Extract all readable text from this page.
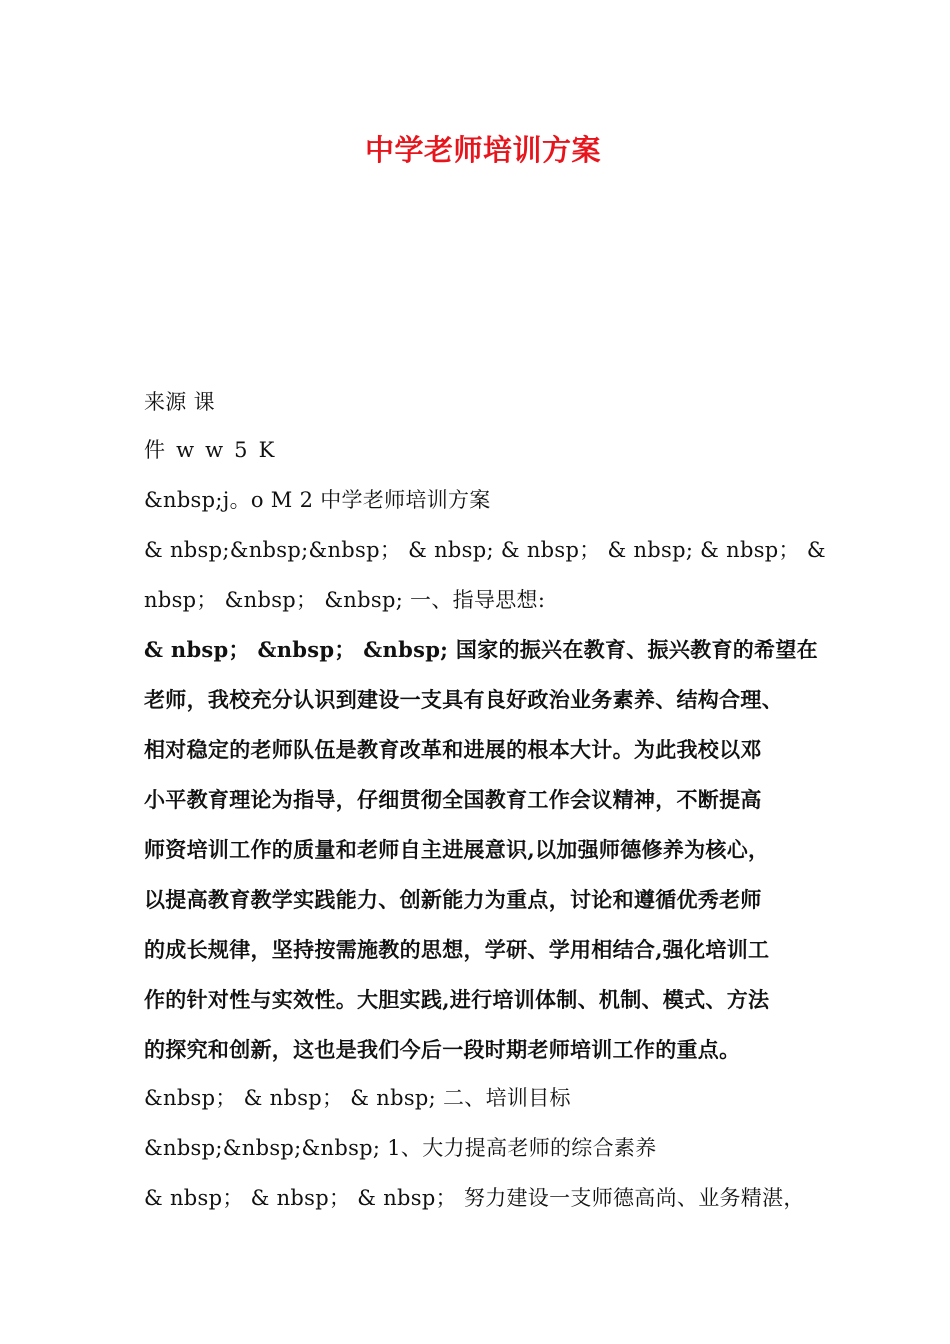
中学老师培训方案
来源 课
件 w w 5 K
&nbsp;j。o M 2 中学老师培训方案
& nbsp;&nbsp;&nbsp； & nbsp; & nbsp； & nbsp; & nbsp； &
nbsp； &nbsp； &nbsp; 一、指导思想:
& nbsp； &nbsp； &nbsp; 国家的振兴在教育、振兴教育的希望在
老师，我校充分认识到建设一支具有良好政治业务素养、结构合理、
相对稳定的老师队伍是教育改革和进展的根本大计。为此我校以邓
小平教育理论为指导，仔细贯彻全国教育工作会议精神，不断提高
师资培训工作的质量和老师自主进展意识,以加强师德修养为核心，
以提高教育教学实践能力、创新能力为重点，讨论和遵循优秀老师
的成长规律，坚持按需施教的思想，学研、学用相结合,强化培训工
作的针对性与实效性。大胆实践,进行培训体制、机制、模式、方法
的探究和创新，这也是我们今后一段时期老师培训工作的重点。
&nbsp； & nbsp； & nbsp; 二、培训目标
&nbsp;&nbsp;&nbsp; 1、大力提高老师的综合素养
& nbsp； & nbsp； & nbsp； 努力建设一支师德高尚、业务精湛，
